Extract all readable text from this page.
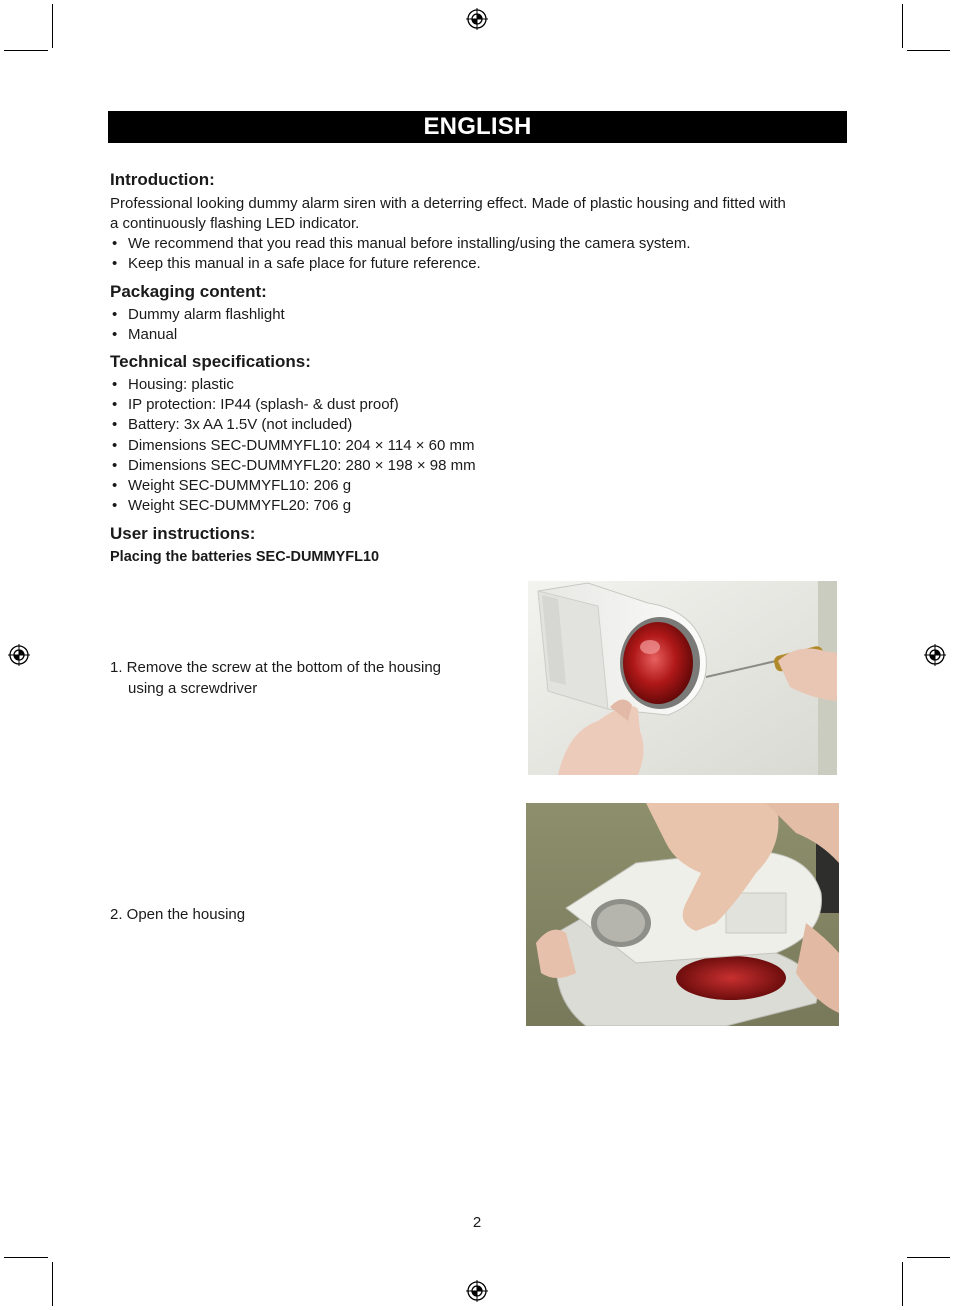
ENGLISH
Introduction:

Professional looking dummy alarm siren with a deterring effect. Made of plastic housing and fitted with
a continuously flashing LED indicator.

• We recommend that you read this manual before installing/using the camera system.
• Keep this manual in a safe place for future reference.
Packaging content:
• Dummy alarm flashlight
• Manual
Technical specifications:
• Housing: plastic
• IP protection: IP44 (splash- & dust proof)
• Battery: 3x AA 1.5V (not included)
• Dimensions SEC-DUMMYFL10: 204 × 114 × 60 mm
• Dimensions SEC-DUMMYFL20: 280 × 198 × 98 mm
• Weight SEC-DUMMYFL10: 206 g
• Weight SEC-DUMMYFL20: 706 g
User instructions:
Placing the batteries SEC-DUMMYFL10

1. Remove the screw at the bottom of the housing
using a screwdriver

2. Open the housing

2
